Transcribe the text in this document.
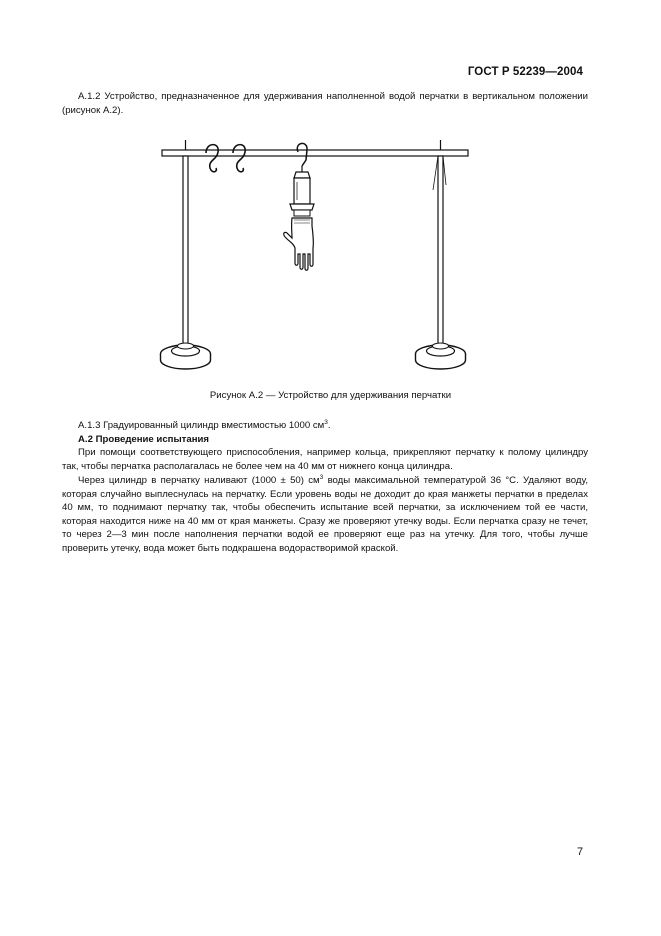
ГОСТ Р 52239—2004

А.1.2 Устройство, предназначенное для удерживания наполненной водой перчатки в вертикальном положении (рисунок А.2).

Рисунок А.2 — Устройство для удерживания перчатки

А.1.3 Градуированный цилиндр вместимостью 1000 $см^3$.

А.2 Проведение испытания

При помощи соответствующего приспособления, например кольца, прикрепляют перчатку к полому цилиндру так, чтобы перчатка располагалась не более чем на 40 мм от нижнего конца цилиндра.

Через цилиндр в перчатку наливают (1000 ± 50) $см^3$ воды максимальной температурой 36 °С. Удаляют воду, которая случайно выплеснулась на перчатку. Если уровень воды не доходит до края манжеты перчатки в пределах 40 мм, то поднимают перчатку так, чтобы обеспечить испытание всей перчатки, за исключением той ее части, которая находится ниже на 40 мм от края манжеты. Сразу же проверяют утечку воды. Если перчатка сразу не течет, то через 2—3 мин после наполнения перчатки водой ее проверяют еще раз на утечку. Для того, чтобы лучше проверить утечку, вода может быть подкрашена водорастворимой краской.

7
